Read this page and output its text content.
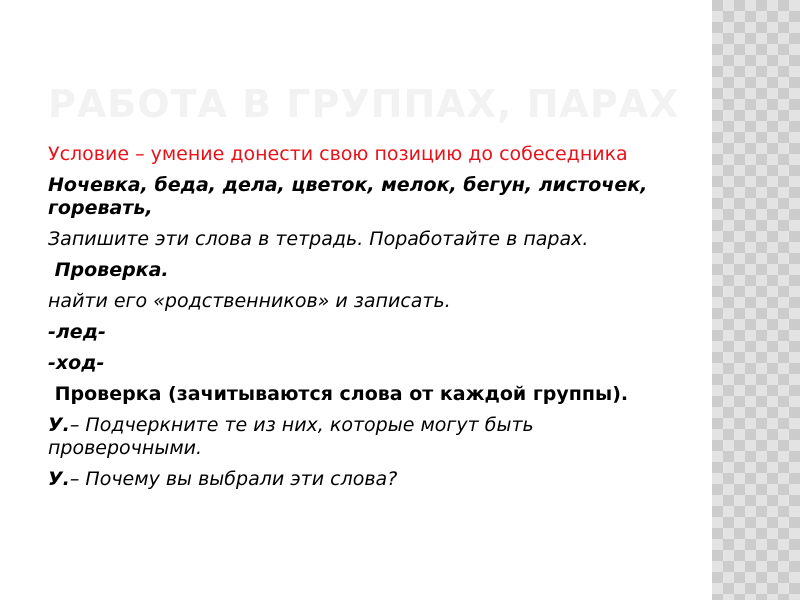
РАБОТА В ГРУППАХ, ПАРАХ

Условие – умение донести свою позицию до собеседника

Ночевка, беда, дела, цветок, мелок, бегун, листочек, горевать,

Запишите эти слова в тетрадь. Поработайте в парах.

Проверка.

найти его «родственников» и записать.

-лед-

-ход-

Проверка (зачитываются слова от каждой группы).

У.– Подчеркните те из них, которые могут быть проверочными.

У.– Почему вы выбрали эти слова?
